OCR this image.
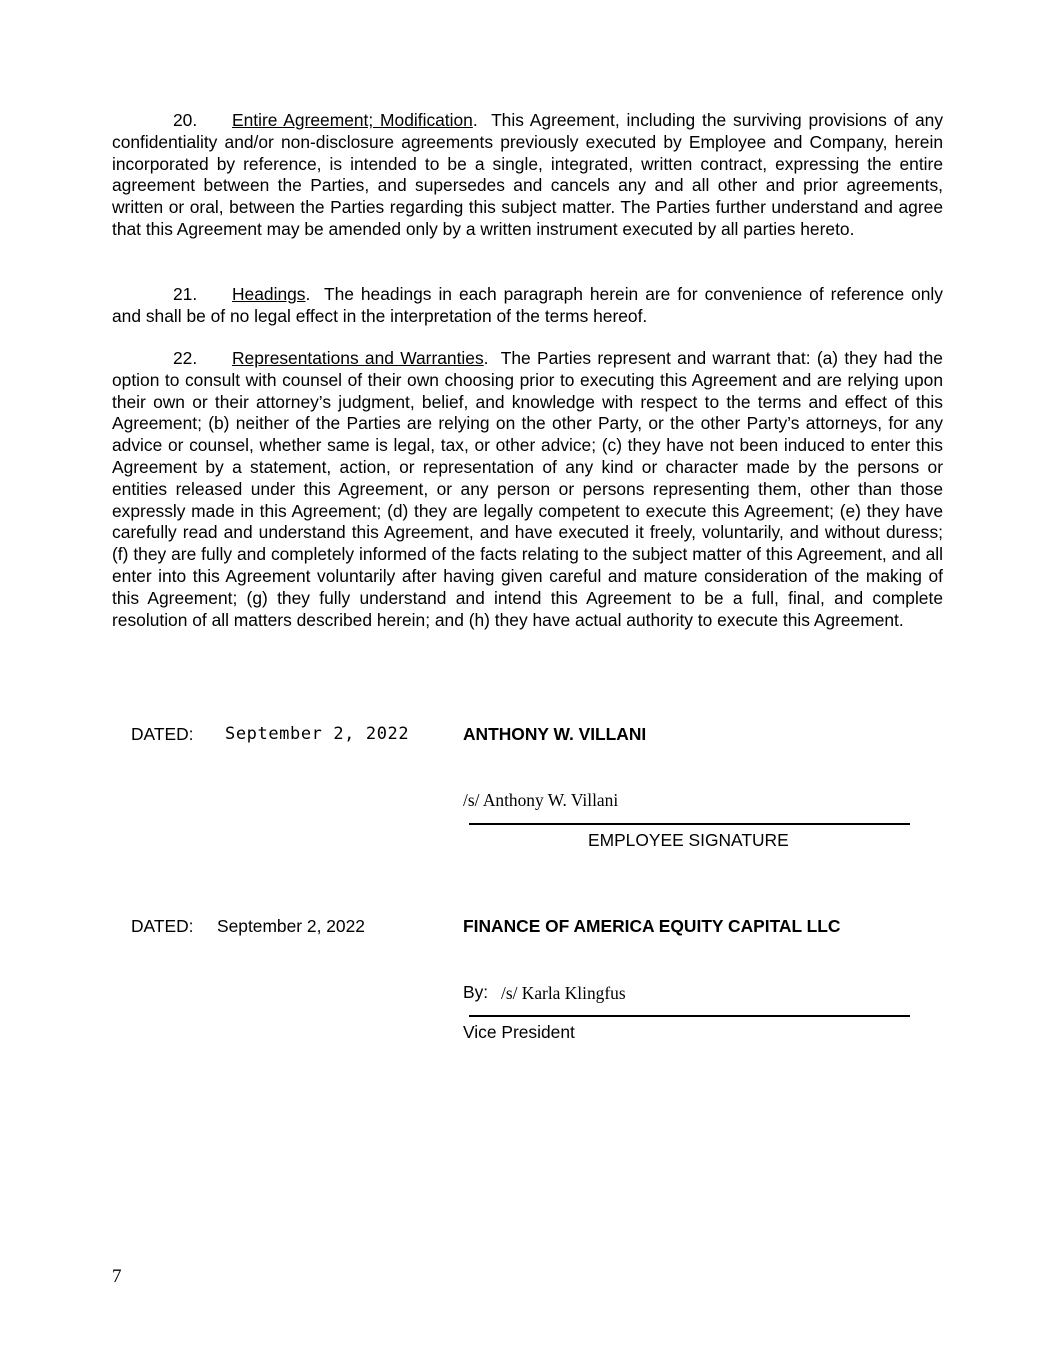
20. Entire Agreement; Modification.  This Agreement, including the surviving provisions of any confidentiality and/or non-disclosure agreements previously executed by Employee and Company, herein incorporated by reference, is intended to be a single, integrated, written contract, expressing the entire agreement between the Parties, and supersedes and cancels any and all other and prior agreements, written or oral, between the Parties regarding this subject matter. The Parties further understand and agree that this Agreement may be amended only by a written instrument executed by all parties hereto.

21. Headings.  The headings in each paragraph herein are for convenience of reference only and shall be of no legal effect in the interpretation of the terms hereof.

22. Representations and Warranties.  The Parties represent and warrant that: (a) they had the option to consult with counsel of their own choosing prior to executing this Agreement and are relying upon their own or their attorney’s judgment, belief, and knowledge with respect to the terms and effect of this Agreement; (b) neither of the Parties are relying on the other Party, or the other Party’s attorneys, for any advice or counsel, whether same is legal, tax, or other advice; (c) they have not been induced to enter this Agreement by a statement, action, or representation of any kind or character made by the persons or entities released under this Agreement, or any person or persons representing them, other than those expressly made in this Agreement; (d) they are legally competent to execute this Agreement; (e) they have carefully read and understand this Agreement, and have executed it freely, voluntarily, and without duress; (f) they are fully and completely informed of the facts relating to the subject matter of this Agreement, and all enter into this Agreement voluntarily after having given careful and mature consideration of the making of this Agreement; (g) they fully understand and intend this Agreement to be a full, final, and complete resolution of all matters described herein; and (h) they have actual authority to execute this Agreement.

DATED: September 2, 2022	ANTHONY W. VILLANI
/s/ Anthony W. Villani
EMPLOYEE SIGNATURE
DATED: September 2, 2022	FINANCE OF AMERICA EQUITY CAPITAL LLC
By: /s/ Karla Klingfus
Vice President
7
